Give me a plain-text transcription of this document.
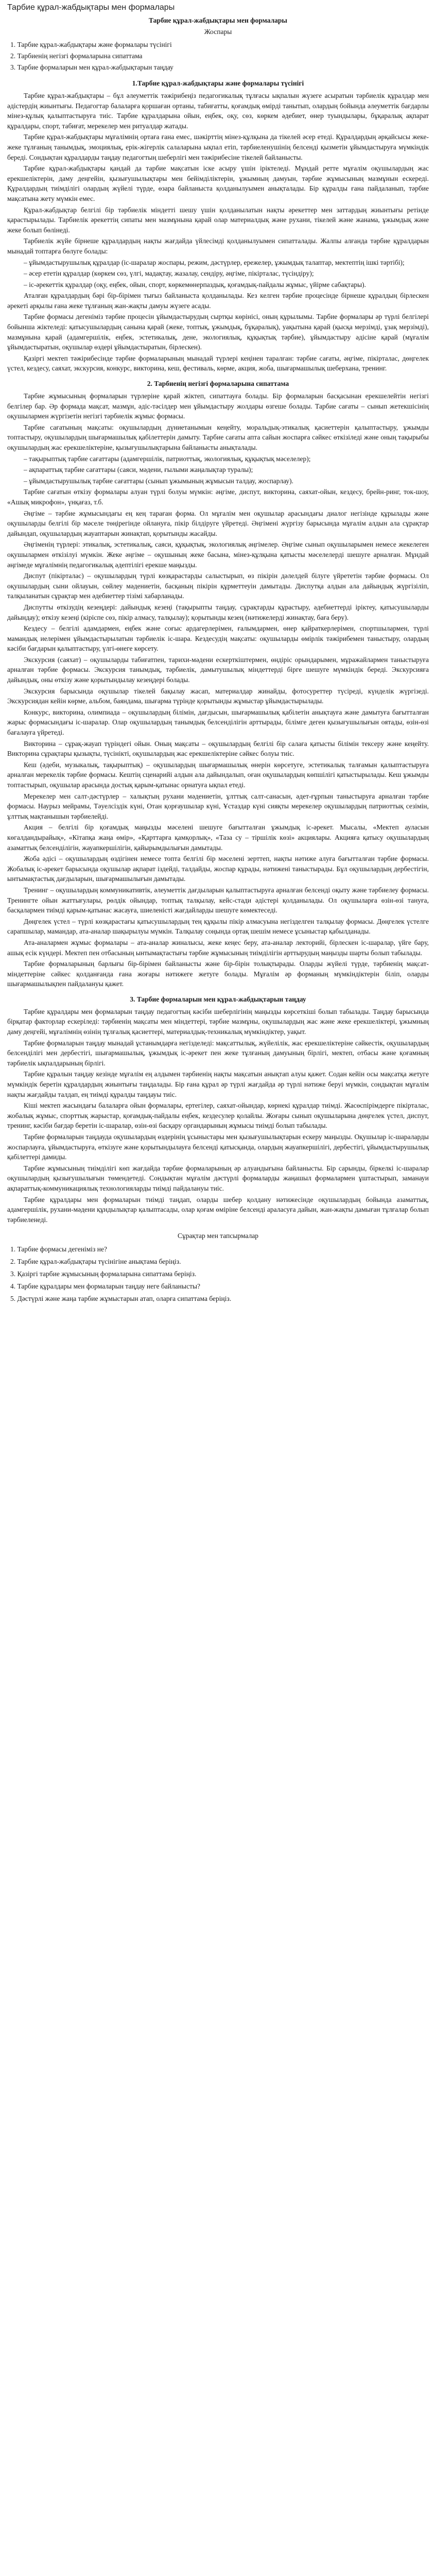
Тарбие құрал-жабдықтары мен формалары
Тарбие құрал-жабдықтары мен формалары
Жоспары
1. Тарбие құрал-жабдықтары және формалары түсінігі
2. Тарбиенің негізгі формаларына сипаттама
3. Тарбие формаларын мен құрал-жабдықтарын таңдау
1.Тарбие құрал-жабдықтары және формалары түсінігі

Тарбие құрал-жабдықтары – бұл әлеуметтік тәжірибеңіз педагогикалық тұлғасы ықпалын жүзеге асыратын тәрбиелік құралдар мен әдістердің жиынтығы. Педагогтар балаларға қоршаған ортаны, табиғатты, қоғамдық өмірді танытып, олардың бойында әлеуметтік бағдарлы мінез-құлық қалыптастыруға тиіс. Тарбие құралдарына ойын, еңбек, оқу, сөз, көркем әдебиет, өнер туындылары, бұқаралық ақпарат құралдары, спорт, табиғат, мерекелер мен ритуалдар жатады.

Тарбие құрал-жабдықтары мұғалімнің ортаға ғана емес, шәкірттің мінез-құлқына да тікелей әсер етеді. Құралдардың әрқайсысы жеке-жеке тұлғаның танымдық, эмоциялық, ерік-жігерлік салаларына ықпал етіп, тәрбиеленушінің белсенді қызметін ұйымдастыруға мүмкіндік береді. Сондықтан құралдарды таңдау педагогтың шеберлігі мен тәжірибесіне тікелей байланысты.

Тарбие құрал-жабдықтары қандай да тарбие мақсатын іске асыру үшін іріктеледі. Мұндай ретте мұғалім оқушылардың жас ерекшеліктерін, даму деңгейін, қызығушылықтары мен бейімділіктерін, ұжымның дамуын, тәрбие жұмысының мазмұнын ескереді. Құралдардың тиімділігі олардың жүйелі түрде, өзара байланыста қолданылуымен анықталады. Бір құралды ғана пайдаланып, тәрбие мақсатына жету мүмкін емес.

Құрал-жабдықтар белгілі бір тәрбиелік міндетті шешу үшін қолданылатын нақты әрекеттер мен заттардың жиынтығы ретінде қарастырылады. Тарбиелік әрекеттің сипаты мен мазмұнына қарай олар материалдық және рухани, тікелей және жанама, ұжымдық және жеке болып бөлінеді.

Тарбиелік жүйе бірнеше құралдардың нақты жағдайда үйлесімді қолданылуымен сипатталады. Жалпы алғанда тәрбие құралдарын мынадай топтарға бөлуге болады:

– ұйымдастырушылық құралдар (іс-шаралар жоспары, режим, дәстүрлер, ережелер, ұжымдық талаптар, мектептің ішкі тәртібі);

– әсер ететін құралдар (көркем сөз, үлгі, мадақтау, жазалау, сендіру, әңгіме, пікірталас, түсіндіру);

– іс-әрекеттік құралдар (оқу, еңбек, ойын, спорт, көркемөнерпаздық, қоғамдық-пайдалы жұмыс, үйірме сабақтары).

Аталған құралдардың бәрі бір-бірімен тығыз байланыста қолданылады. Кез келген тәрбие процесінде бірнеше құралдың бірлескен әрекеті арқылы ғана жеке тұлғаның жан-жақты дамуы жүзеге асады.

Тарбие формасы дегеніміз тәрбие процесін ұйымдастырудың сыртқы көрінісі, оның құрылымы. Тарбие формалары әр түрлі белгілері бойынша жіктеледі: қатысушылардың санына қарай (жеке, топтық, ұжымдық, бұқаралық), уақытына қарай (қысқа мерзімді, ұзақ мерзімді), мазмұнына қарай (адамгершілік, еңбек, эстетикалық, дене, экологиялық, құқықтық тәрбие), ұйымдастыру әдісіне қарай (мұғалім ұйымдастыратын, оқушылар өздері ұйымдастыратын, бірлескен).

Қазіргі мектеп тәжірибесінде тәрбие формаларының мынадай түрлері кеңінен таралған: тәрбие сағаты, әңгіме, пікірталас, дөңгелек үстел, кездесу, саяхат, экскурсия, конкурс, викторина, кеш, фестиваль, көрме, акция, жоба, шығармашылық шеберхана, тренинг.

2. Тарбиенің негізгі формаларына сипаттама

Тарбие жұмысының формаларын түрлеріне қарай жіктеп, сипаттауға болады. Бір формаларын басқасынан ерекшелейтін негізгі белгілер бар. Әр формада мақсат, мазмұн, әдіс-тәсілдер мен ұйымдастыру жолдары өзгеше болады. Тарбие сағаты – сынып жетекшісінің оқушылармен жүргізетін негізгі тәрбиелік жұмыс формасы.

Тарбие сағатының мақсаты: оқушылардың дүниетанымын кеңейту, моральдық-этикалық қасиеттерін қалыптастыру, ұжымды топтастыру, оқушылардың шығармашылық қабілеттерін дамыту. Тарбие сағаты апта сайын жоспарға сәйкес өткізіледі және оның тақырыбы оқушылардың жас ерекшеліктеріне, қызығушылықтарына байланысты анықталады.

– тақырыптық тарбие сағаттары (адамгершілік, патриоттық, экологиялық, құқықтық мәселелер);

– ақпараттық тарбие сағаттары (саяси, мәдени, ғылыми жаңалықтар туралы);

– ұйымдастырушылық тарбие сағаттары (сынып ұжымының жұмысын талдау, жоспарлау).

Тарбие сағатын өткізу формалары алуан түрлі болуы мүмкін: әңгіме, диспут, викторина, саяхат-ойын, кездесу, брейн-ринг, ток-шоу, «Ашық микрофон», үнқағаз, т.б.

Әңгіме – тәрбие жұмысындағы ең кең тараған форма. Ол мұғалім мен оқушылар арасындағы диалог негізінде құрылады және оқушыларды белгілі бір мәселе төңірегінде ойлануға, пікір білдіруге үйретеді. Әңгімені жүргізу барысында мұғалім алдын ала сұрақтар дайындап, оқушылардың жауаптарын жинақтап, қорытынды жасайды.

Әңгіменің түрлері: этикалық, эстетикалық, саяси, құқықтық, экологиялық әңгімелер. Әңгіме сынып оқушыларымен немесе жекелеген оқушылармен өткізілуі мүмкін. Жеке әңгіме – оқушының жеке басына, мінез-құлқына қатысты мәселелерді шешуге арналған. Мұндай әңгімеде мұғалімнің педагогикалық әдептілігі ерекше маңызды.

Диспут (пікірталас) – оқушылардың түрлі көзқарастарды салыстырып, өз пікірін дәлелдей білуге үйрететін тәрбие формасы. Ол оқушылардың сыни ойлауын, сөйлеу мәдениетін, басқаның пікірін құрметтеуін дамытады. Диспутқа алдын ала дайындық жүргізіліп, талқыланатын сұрақтар мен әдебиеттер тізімі хабарланады.

Диспутты өткізудің кезеңдері: дайындық кезеңі (тақырыпты таңдау, сұрақтарды құрастыру, әдебиеттерді іріктеу, қатысушыларды дайындау); өткізу кезеңі (кіріспе сөз, пікір алмасу, талқылау); қорытынды кезең (нәтижелерді жинақтау, баға беру).

Кездесу – белгілі адамдармен, еңбек және соғыс ардагерлерімен, ғалымдармен, өнер қайраткерлерімен, спортшылармен, түрлі мамандық иелерімен ұйымдастырылатын тәрбиелік іс-шара. Кездесудің мақсаты: оқушыларды өмірлік тәжірибемен таныстыру, олардың кәсіби бағдарын қалыптастыру, үлгі-өнеге көрсету.

Экскурсия (саяхат) – оқушыларды табиғатпен, тарихи-мәдени ескерткіштермен, өндіріс орындарымен, мұражайлармен таныстыруға арналған тәрбие формасы. Экскурсия танымдық, тәрбиелік, дамытушылық міндеттерді бірге шешуге мүмкіндік береді. Экскурсияға дайындық, оны өткізу және қорытындылау кезеңдері болады.

Экскурсия барысында оқушылар тікелей бақылау жасап, материалдар жинайды, фотосуреттер түсіреді, күнделік жүргізеді. Экскурсиядан кейін көрме, альбом, баяндама, шығарма түрінде қорытынды жұмыстар ұйымдастырылады.

Конкурс, викторина, олимпиада – оқушылардың білімін, дағдысын, шығармашылық қабілетін анықтауға және дамытуға бағытталған жарыс формасындағы іс-шаралар. Олар оқушылардың танымдық белсенділігін арттырады, білімге деген қызығушылығын оятады, өзін-өзі бағалауға үйретеді.

Викторина – сұрақ-жауап түріндегі ойын. Оның мақсаты – оқушылардың белгілі бір салаға қатысты білімін тексеру және кеңейту. Викторина сұрақтары қызықты, түсінікті, оқушылардың жас ерекшеліктеріне сәйкес болуы тиіс.

Кеш (әдеби, музыкалық, тақырыптық) – оқушылардың шығармашылық өнерін көрсетуге, эстетикалық талғамын қалыптастыруға арналған мерекелік тәрбие формасы. Кештің сценарийі алдын ала дайындалып, оған оқушылардың көпшілігі қатыстырылады. Кеш ұжымды топтастырып, оқушылар арасында достық қарым-қатынас орнатуға ықпал етеді.

Мерекелер мен салт-дәстүрлер – халықтың рухани мәдениетін, ұлттық салт-санасын, әдет-ғұрпын таныстыруға арналған тәрбие формасы. Наурыз мейрамы, Тәуелсіздік күні, Отан қорғаушылар күні, Ұстаздар күні сияқты мерекелер оқушылардың патриоттық сезімін, ұлттық мақтанышын тәрбиелейді.

Акция – белгілі бір қоғамдық маңызды мәселені шешуге бағытталған ұжымдық іс-әрекет. Мысалы, «Мектеп ауласын көгалдандырайық», «Кітапқа жаңа өмір», «Қарттарға қамқорлық», «Таза су – тіршілік көзі» акциялары. Акцияға қатысу оқушылардың азаматтық белсенділігін, жауапкершілігін, қайырымдылығын дамытады.

Жоба әдісі – оқушылардың өздігінен немесе топта белгілі бір мәселені зерттеп, нақты нәтиже алуға бағытталған тәрбие формасы. Жобалық іс-әрекет барысында оқушылар ақпарат іздейді, талдайды, жоспар құрады, нәтижені таныстырады. Бұл оқушылардың дербестігін, ынтымақтастық дағдыларын, шығармашылығын дамытады.

Тренинг – оқушылардың коммуникативтік, әлеуметтік дағдыларын қалыптастыруға арналған белсенді оқыту және тәрбиелеу формасы. Тренингте ойын жаттығулары, рөлдік ойындар, топтық талқылау, кейс-стади әдістері қолданылады. Ол оқушыларға өзін-өзі тануға, басқалармен тиімді қарым-қатынас жасауға, шиеленісті жағдайларды шешуге көмектеседі.

Дөңгелек үстел – түрлі көзқарастағы қатысушылардың тең құқылы пікір алмасуына негізделген талқылау формасы. Дөңгелек үстелге сарапшылар, мамандар, ата-аналар шақырылуы мүмкін. Талқылау соңында ортақ шешім немесе ұсыныстар қабылданады.

Ата-аналармен жұмыс формалары – ата-аналар жиналысы, жеке кеңес беру, ата-аналар лекторийі, бірлескен іс-шаралар, үйге бару, ашық есік күндері. Мектеп пен отбасының ынтымақтастығы тәрбие жұмысының тиімділігін арттырудың маңызды шарты болып табылады.

Тарбие формаларының барлығы бір-бірімен байланысты және бір-бірін толықтырады. Оларды жүйелі түрде, тәрбиенің мақсат-міндеттеріне сәйкес қолданғанда ғана жоғары нәтижеге жетуге болады. Мұғалім әр форманың мүмкіндіктерін біліп, оларды шығармашылықпен пайдалануы қажет.

3. Тарбие формаларын мен құрал-жабдықтарын таңдау

Тарбие құралдары мен формаларын таңдау педагогтың кәсіби шеберлігінің маңызды көрсеткіші болып табылады. Таңдау барысында бірқатар факторлар ескеріледі: тәрбиенің мақсаты мен міндеттері, тәрбие мазмұны, оқушылардың жас және жеке ерекшеліктері, ұжымның даму деңгейі, мұғалімнің өзінің тұлғалық қасиеттері, материалдық-техникалық мүмкіндіктер, уақыт.

Тарбие формаларын таңдау мынадай ұстанымдарға негізделеді: мақсаттылық, жүйелілік, жас ерекшеліктеріне сәйкестік, оқушылардың белсенділігі мен дербестігі, шығармашылық, ұжымдық іс-әрекет пен жеке тұлғаның дамуының бірлігі, мектеп, отбасы және қоғамның тәрбиелік ықпалдарының бірлігі.

Тарбие құралын таңдау кезінде мұғалім ең алдымен тәрбиенің нақты мақсатын анықтап алуы қажет. Содан кейін осы мақсатқа жетуге мүмкіндік беретін құралдардың жиынтығы таңдалады. Бір ғана құрал әр түрлі жағдайда әр түрлі нәтиже беруі мүмкін, сондықтан мұғалім нақты жағдайды талдап, ең тиімді құралды таңдауы тиіс.

Кіші мектеп жасындағы балаларға ойын формалары, ертегілер, саяхат-ойындар, көрнекі құралдар тиімді. Жасөспірімдерге пікірталас, жобалық жұмыс, спорттық жарыстар, қоғамдық-пайдалы еңбек, кездесулер қолайлы. Жоғары сынып оқушыларына дөңгелек үстел, диспут, тренинг, кәсіби бағдар беретін іс-шаралар, өзін-өзі басқару органдарының жұмысы тиімді болып табылады.

Тарбие формаларын таңдауда оқушылардың өздерінің ұсыныстары мен қызығушылықтарын ескеру маңызды. Оқушылар іс-шараларды жоспарлауға, ұйымдастыруға, өткізуге және қорытындылауға белсенді қатысқанда, олардың жауапкершілігі, дербестігі, ұйымдастырушылық қабілеттері дамиды.

Тарбие жұмысының тиімділігі көп жағдайда тәрбие формаларының әр алуандығына байланысты. Бір сарынды, біркелкі іс-шаралар оқушылардың қызығушылығын төмендетеді. Сондықтан мұғалім дәстүрлі формаларды жаңашыл формалармен ұштастырып, заманауи ақпараттық-коммуникациялық технологияларды тиімді пайдалануы тиіс.

Тарбие құралдары мен формаларын тиімді таңдап, оларды шебер қолдану нәтижесінде оқушылардың бойында азаматтық, адамгершілік, рухани-мәдени құндылықтар қалыптасады, олар қоғам өміріне белсенді араласуға дайын, жан-жақты дамыған тұлғалар болып тәрбиеленеді.

Сұрақтар мен тапсырмалар
1. Тарбие формасы дегеніміз не?
2. Тарбие құрал-жабдықтары түсінігіне анықтама беріңіз.
3. Қазіргі тарбие жұмысының формаларына сипаттама беріңіз.
4. Тарбие құралдары мен формаларын таңдау неге байланысты?
5. Дәстүрлі және жаңа тарбие жұмыстарын атап, оларға сипаттама беріңіз.
